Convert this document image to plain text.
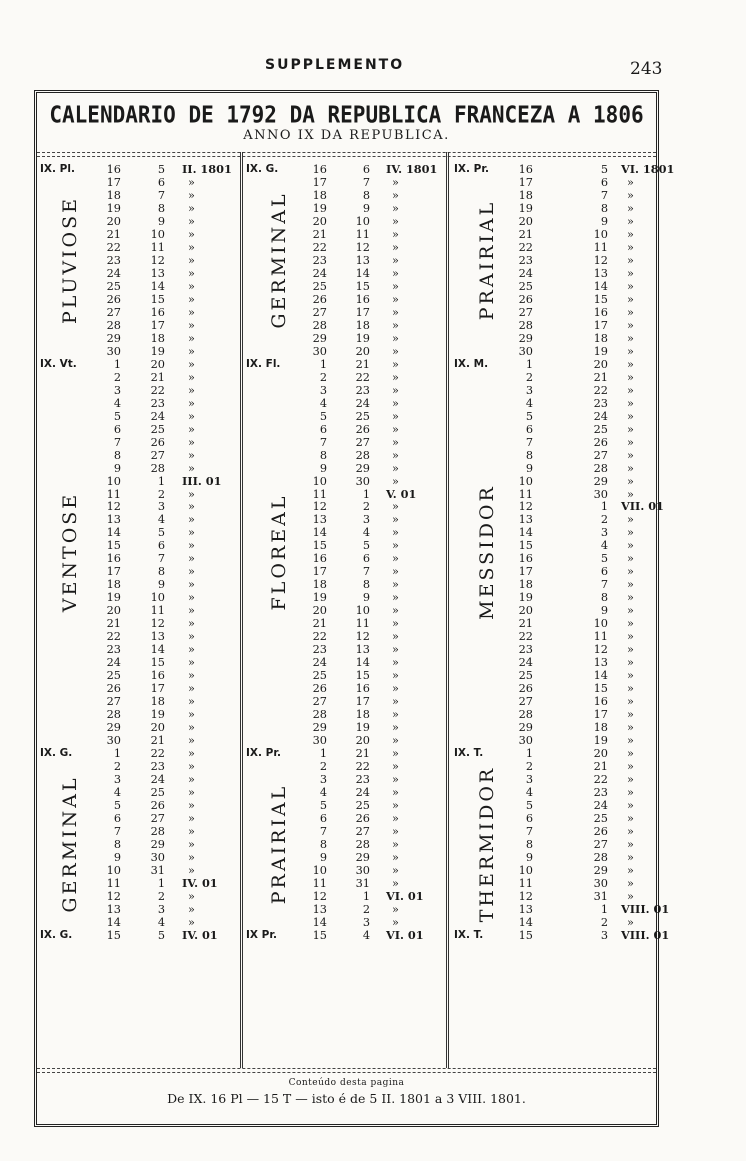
SUPPLEMENTO	243
CALENDARIO DE 1792 DA REPUBLICA FRANCEZA A 1806
ANNO IX DA REPUBLICA.
IX. Pl.	16	5 II. 1801
17	6 »
18	7 »
19	8 »
20	9 »
21	10 »
22	11 »
23	12 »
24	13 »
25	14 »
26	15 »
27	16 »
28	17 »
29	18 »
30	19 »
IX. Vt.	1	20 »
2	21 »
3	22 »
4	23 »
5	24 »
6	25 »
7	26 »
8	27 »
9	28 »
10	1 III. 01
11	2 »
12	3 »
13	4 »
14	5 »
15	6 »
16	7 »
17	8 »
18	9 »
19	10 »
20	11 »
21	12 »
22	13 »
23	14 »
24	15 »
25	16 »
26	17 »
27	18 »
28	19 »
29	20 »
30	21 »
IX. G.	1	22 »
2	23 »
3	24 »
4	25 »
5	26 »
6	27 »
7	28 »
8	29 »
9	30 »
10	31 »
11	1 IV. 01
12	2 »
13	3 »
14	4 »
IX. G.	15	5 IV. 01
PLUVIOSE
VENTOSE
GERMINAL
IX. G.	16	6 IV. 1801
17	7 »
18	8 »
19	9 »
20	10 »
21	11 »
22	12 »
23	13 »
24	14 »
25	15 »
26	16 »
27	17 »
28	18 »
29	19 »
30	20 »
IX. Fl.	1	21 »
2	22 »
3	23 »
4	24 »
5	25 »
6	26 »
7	27 »
8	28 »
9	29 »
10	30 »
11	1 V. 01
12	2 »
13	3 »
14	4 »
15	5 »
16	6 »
17	7 »
18	8 »
19	9 »
20	10 »
21	11 »
22	12 »
23	13 »
24	14 »
25	15 »
26	16 »
27	17 »
28	18 »
29	19 »
30	20 »
IX. Pr.	1	21 »
2	22 »
3	23 »
4	24 »
5	25 »
6	26 »
7	27 »
8	28 »
9	29 »
10	30 »
11	31 »
12	1 VI. 01
13	2 »
14	3 »
IX Pr.	15	4 VI. 01
GERMINAL
FLOREAL
PRAIRIAL
IX. Pr.	16	5 VI. 1801
17	6 »
18	7 »
19	8 »
20	9 »
21	10 »
22	11 »
23	12 »
24	13 »
25	14 »
26	15 »
27	16 »
28	17 »
29	18 »
30	19 »
IX. M.	1	20 »
2	21 »
3	22 »
4	23 »
5	24 »
6	25 »
7	26 »
8	27 »
9	28 »
10	29 »
11	30 »
12	1 VII. 01
13	2 »
14	3 »
15	4 »
16	5 »
17	6 »
18	7 »
19	8 »
20	9 »
21	10 »
22	11 »
23	12 »
24	13 »
25	14 »
26	15 »
27	16 »
28	17 »
29	18 »
30	19 »
IX. T.	1	20 »
2	21 »
3	22 »
4	23 »
5	24 »
6	25 »
7	26 »
8	27 »
9	28 »
10	29 »
11	30 »
12	31 »
13	1 VIII. 01
14	2 »
IX. T.	15	3 VIII. 01
PRAIRIAL
MESSIDOR
THERMIDOR
Conteúdo desta pagina
De IX. 16 Pl — 15 T — isto é de 5 II. 1801 a 3 VIII. 1801.
